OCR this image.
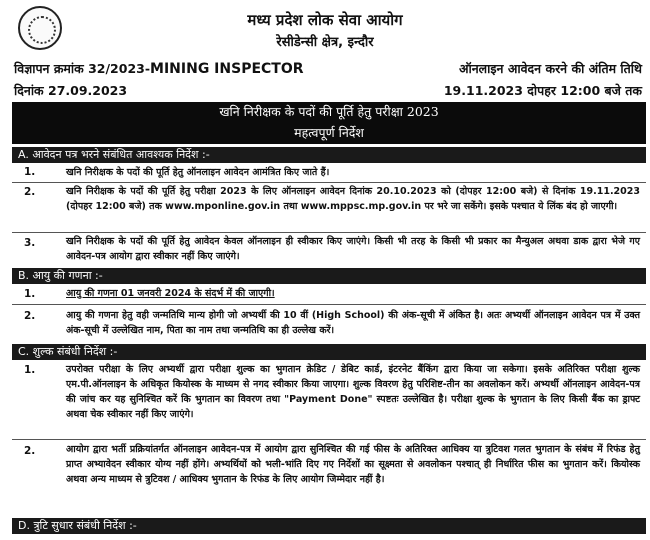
मध्य प्रदेश लोक सेवा आयोग
रेसीडेन्सी क्षेत्र, इन्दौर
विज्ञापन क्रमांक 32/2023-MINING INSPECTOR	ऑनलाइन आवेदन करने की अंतिम तिथि
दिनांक 27.09.2023	19.11.2023 दोपहर 12:00 बजे तक
खनि निरीक्षक के पदों की पूर्ति हेतु परीक्षा 2023
महत्वपूर्ण निर्देश
A. आवेदन पत्र भरने संबंधित आवश्यक निर्देश :-
1.	खनि निरीक्षक के पदों की पूर्ति हेतु ऑनलाइन आवेदन आमंत्रित किए जाते हैं।
2.	खनि निरीक्षक के पदों की पूर्ति हेतु परीक्षा 2023 के लिए ऑनलाइन आवेदन दिनांक 20.10.2023 को (दोपहर 12:00 बजे) से दिनांक 19.11.2023 (दोपहर 12:00 बजे) तक www.mponline.gov.in तथा www.mppsc.mp.gov.in पर भरे जा सकेंगे। इसके पश्चात ये लिंक बंद हो जाएगी।
3.	खनि निरीक्षक के पदों की पूर्ति हेतु आवेदन केवल ऑनलाइन ही स्वीकार किए जाएंगे। किसी भी तरह के किसी भी प्रकार का मैन्युअल अथवा डाक द्वारा भेजे गए आवेदन-पत्र आयोग द्वारा स्वीकार नहीं किए जाएंगे।
B. आयु की गणना :-
1.	आयु की गणना 01 जनवरी 2024 के संदर्भ में की जाएगी।
2.	आयु की गणना हेतु वही जन्मतिथि मान्य होगी जो अभ्यर्थी की 10 वीं (High School) की अंक-सूची में अंकित है। अतः अभ्यर्थी ऑनलाइन आवेदन पत्र में उक्त अंक-सूची में उल्लेखित नाम, पिता का नाम तथा जन्मतिथि का ही उल्लेख करें।
C. शुल्क संबंधी निर्देश :-
1.	उपरोक्त परीक्षा के लिए अभ्यर्थी द्वारा परीक्षा शुल्क का भुगतान क्रेडिट / डेबिट कार्ड, इंटरनेट बैंकिंग द्वारा किया जा सकेगा। इसके अतिरिक्त परीक्षा शुल्क एम.पी.ऑनलाइन के अधिकृत कियोस्क के माध्यम से नगद स्वीकार किया जाएगा। शुल्क विवरण हेतु परिशिष्ट-तीन का अवलोकन करें। अभ्यर्थी ऑनलाइन आवेदन-पत्र की जांच कर यह सुनिश्चित करें कि भुगतान का विवरण तथा "Payment Done" स्पष्टतः उल्लेखित है। परीक्षा शुल्क के भुगतान के लिए किसी बैंक का ड्राफ्ट अथवा चेक स्वीकार नहीं किए जाएंगे।
2.	आयोग द्वारा भर्ती प्रक्रियांतर्गत ऑनलाइन आवेदन-पत्र में आयोग द्वारा सुनिश्चित की गई फीस के अतिरिक्त आधिक्य या त्रुटिवश गलत भुगतान के संबंध में रिफंड हेतु प्राप्त अभ्यावेदन स्वीकार योग्य नहीं होंगे। अभ्यर्थियों को भली-भांति दिए गए निर्देशों का सूक्ष्मता से अवलोकन पश्चात् ही निर्धारित फीस का भुगतान करें। कियोस्क अथवा अन्य माध्यम से त्रुटिवश / आधिक्य भुगतान के रिफंड के लिए आयोग जिम्मेदार नहीं है।
D. त्रुटि सुधार संबंधी निर्देश :-
